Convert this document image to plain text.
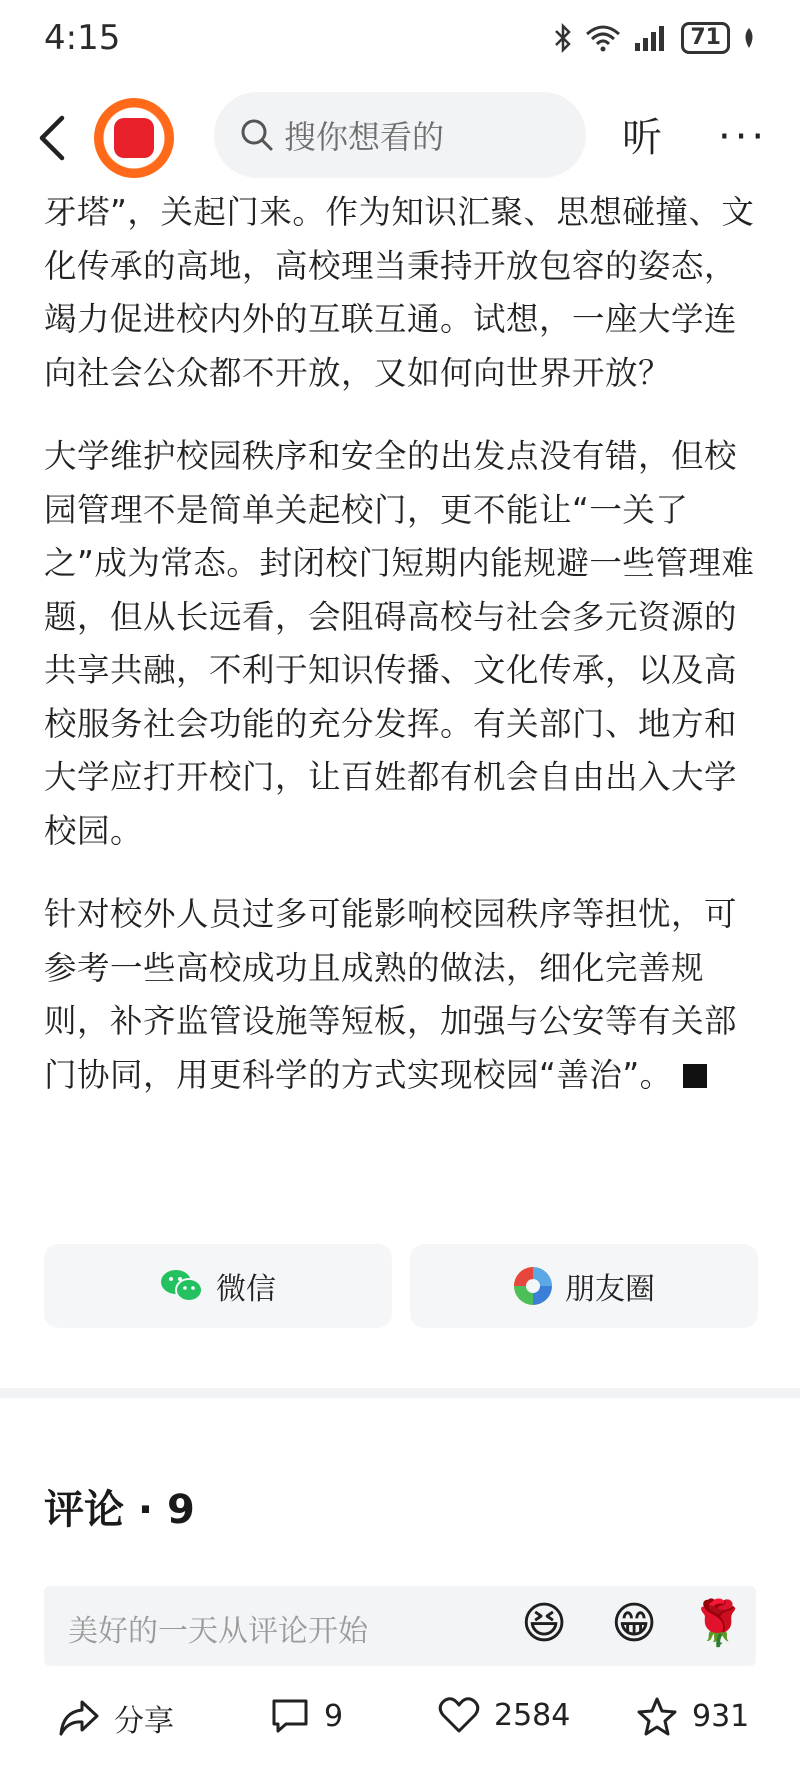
4:15	71
搜你想看的	听 ···

牙塔”，关起门来。作为知识汇聚、思想碰撞、文化传承的高地，高校理当秉持开放包容的姿态，竭力促进校内外的互联互通。试想，一座大学连向社会公众都不开放，又如何向世界开放？

大学维护校园秩序和安全的出发点没有错，但校园管理不是简单关起校门，更不能让“一关了之”成为常态。封闭校门短期内能规避一些管理难题，但从长远看，会阻碍高校与社会多元资源的共享共融，不利于知识传播、文化传承，以及高校服务社会功能的充分发挥。有关部门、地方和大学应打开校门，让百姓都有机会自由出入大学校园。

针对校外人员过多可能影响校园秩序等担忧，可参考一些高校成功且成熟的做法，细化完善规则，补齐监管设施等短板，加强与公安等有关部门协同，用更科学的方式实现校园“善治”。

微信	朋友圈
评论 · 9
美好的一天从评论开始	😆 😁 🌹
分享	9	2584	931
